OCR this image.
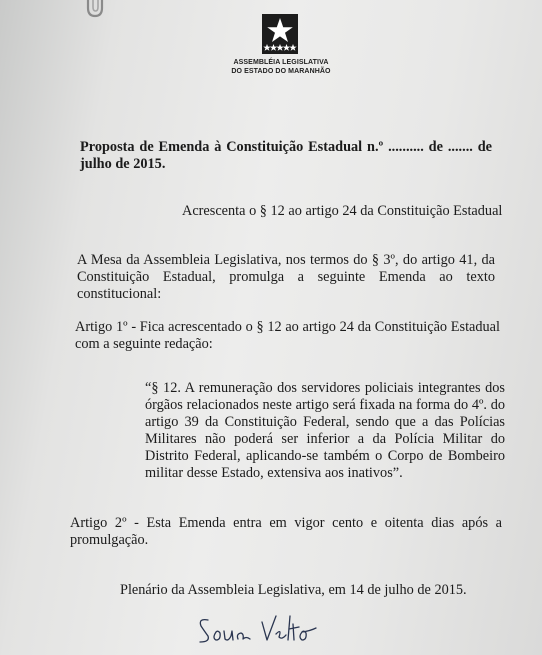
ASSEMBLÉIA LEGISLATIVA
DO ESTADO DO MARANHÃO

Proposta de Emenda à Constituição Estadual n.º .......... de ....... de julho de 2015.

Acrescenta o § 12 ao artigo 24 da Constituição Estadual

A Mesa da Assembleia Legislativa, nos termos do § 3º, do artigo 41, da Constituição Estadual, promulga a seguinte Emenda ao texto constitucional:

Artigo 1º - Fica acrescentado o § 12 ao artigo 24 da Constituição Estadual com a seguinte redação:

“§ 12. A remuneração dos servidores policiais integrantes dos órgãos relacionados neste artigo será fixada na forma do 4º. do artigo 39 da Constituição Federal, sendo que a das Polícias Militares não poderá ser inferior a da Polícia Militar do Distrito Federal, aplicando-se também o Corpo de Bombeiro militar desse Estado, extensiva aos inativos”.

Artigo 2º - Esta Emenda entra em vigor cento e oitenta dias após a promulgação.

Plenário da Assembleia Legislativa, em 14 de julho de 2015.
